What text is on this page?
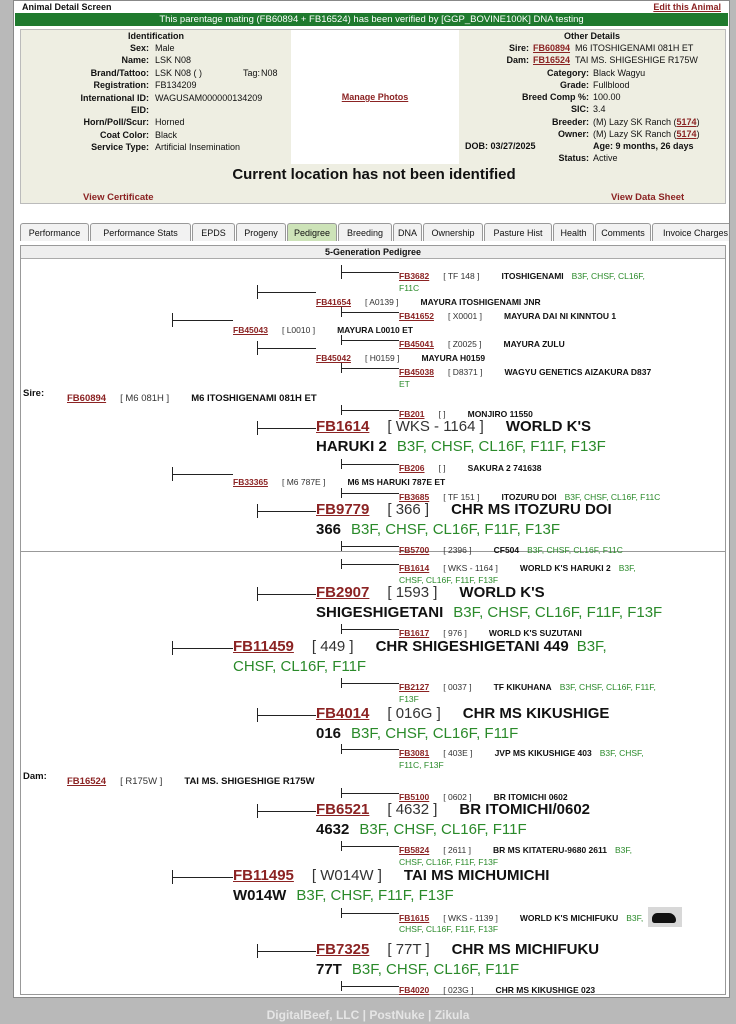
Animal Detail Screen	Edit this Animal
This parentage mating (FB60894 + FB16524) has been verified by [GGP_BOVINE100K] DNA testing
Identification	Other Details
Sex: Male
Name: LSK N08
Brand/Tattoo: LSK N08 ( )
Registration: FB134209
International ID: WAGUSAM000000134209
EID:
Horn/Poll/Scur: Horned
Coat Color: Black
Service Type: Artificial Insemination
Tag: N08
Manage Photos
Sire: FB60894 M6 ITOSHIGENAMI 081H ET
Dam: FB16524 TAI MS. SHIGESHIGE R175W
Category: Black Wagyu
Grade: Fullblood
Breed Comp %: 100.00
SIC: 3.4
Breeder: (M) Lazy SK Ranch (5174)
Owner: (M) Lazy SK Ranch (5174)
DOB: 03/27/2025	Age: 9 months, 26 days
Status: Active
Current location has not been identified
View Certificate	View Data Sheet
Performance	Performance Stats	EPDS	Progeny	Pedigree	Breeding	DNA	Ownership	Pasture Hist	Health	Comments	Invoice Charges
5-Generation Pedigree
FB3682 [ TF 148 ]	ITOSHIGENAMI B3F, CHSF, CL16F,
F11C
FB41654 [ A0139 ]	MAYURA ITOSHIGENAMI JNR
FB41652 [ X0001 ]	MAYURA DAI NI KINNTOU 1
FB45043 [ L0010 ]	MAYURA L0010 ET
FB45041 [ Z0025 ]	MAYURA ZULU
FB45042 [ H0159 ]	MAYURA H0159
FB45038 [ D8371 ]	WAGYU GENETICS AIZAKURA D837
ET
Sire: FB60894 [ M6 081H ] M6 ITOSHIGENAMI 081H ET
FB201 [ ]	MONJIRO 11550
FB1614 [ WKS - 1164 ] WORLD K'S
HARUKI 2 B3F, CHSF, CL16F, F11F, F13F
FB206 [ ]	SAKURA 2 741638
FB33365 [ M6 787E ]	M6 MS HARUKI 787E ET
FB3685 [ TF 151 ]	ITOZURU DOI B3F, CHSF, CL16F, F11C
FB9779 [ 366 ] CHR MS ITOZURU DOI
366 B3F, CHSF, CL16F, F11F, F13F
FB5700 [ 2396 ]	CF504 B3F, CHSF, CL16F, F11C
FB1614 [ WKS - 1164 ]	WORLD K'S HARUKI 2 B3F,
CHSF, CL16F, F11F, F13F
FB2907 [ 1593 ] WORLD K'S
SHIGESHIGETANI B3F, CHSF, CL16F, F11F, F13F
FB1617 [ 976 ]	WORLD K'S SUZUTANI
FB11459 [ 449 ] CHR SHIGESHIGETANI 449 B3F,
CHSF, CL16F, F11F
FB2127 [ 0037 ]	TF KIKUHANA B3F, CHSF, CL16F, F11F,
F13F
FB4014 [ 016G ] CHR MS KIKUSHIGE
016 B3F, CHSF, CL16F, F11F
FB3081 [ 403E ]	JVP MS KIKUSHIGE 403 B3F, CHSF,
F11C, F13F
Dam: FB16524 [ R175W ] TAI MS. SHIGESHIGE R175W
FB5100 [ 0602 ]	BR ITOMICHI 0602
FB6521 [ 4632 ] BR ITOMICHI/0602
4632 B3F, CHSF, CL16F, F11F
FB5824 [ 2611 ]	BR MS KITATERU-9680 2611 B3F,
CHSF, CL16F, F11F, F13F
FB11495 [ W014W ] TAI MS MICHUMICHI
W014W B3F, CHSF, F11F, F13F
FB1615 [ WKS - 1139 ]	WORLD K'S MICHIFUKU B3F,
CHSF, CL16F, F11F, F13F
FB7325 [ 77T ] CHR MS MICHIFUKU
77T B3F, CHSF, CL16F, F11F
FB4020 [ 023G ]	CHR MS KIKUSHIGE 023
DigitalBeef, LLC | PostNuke | Zikula
